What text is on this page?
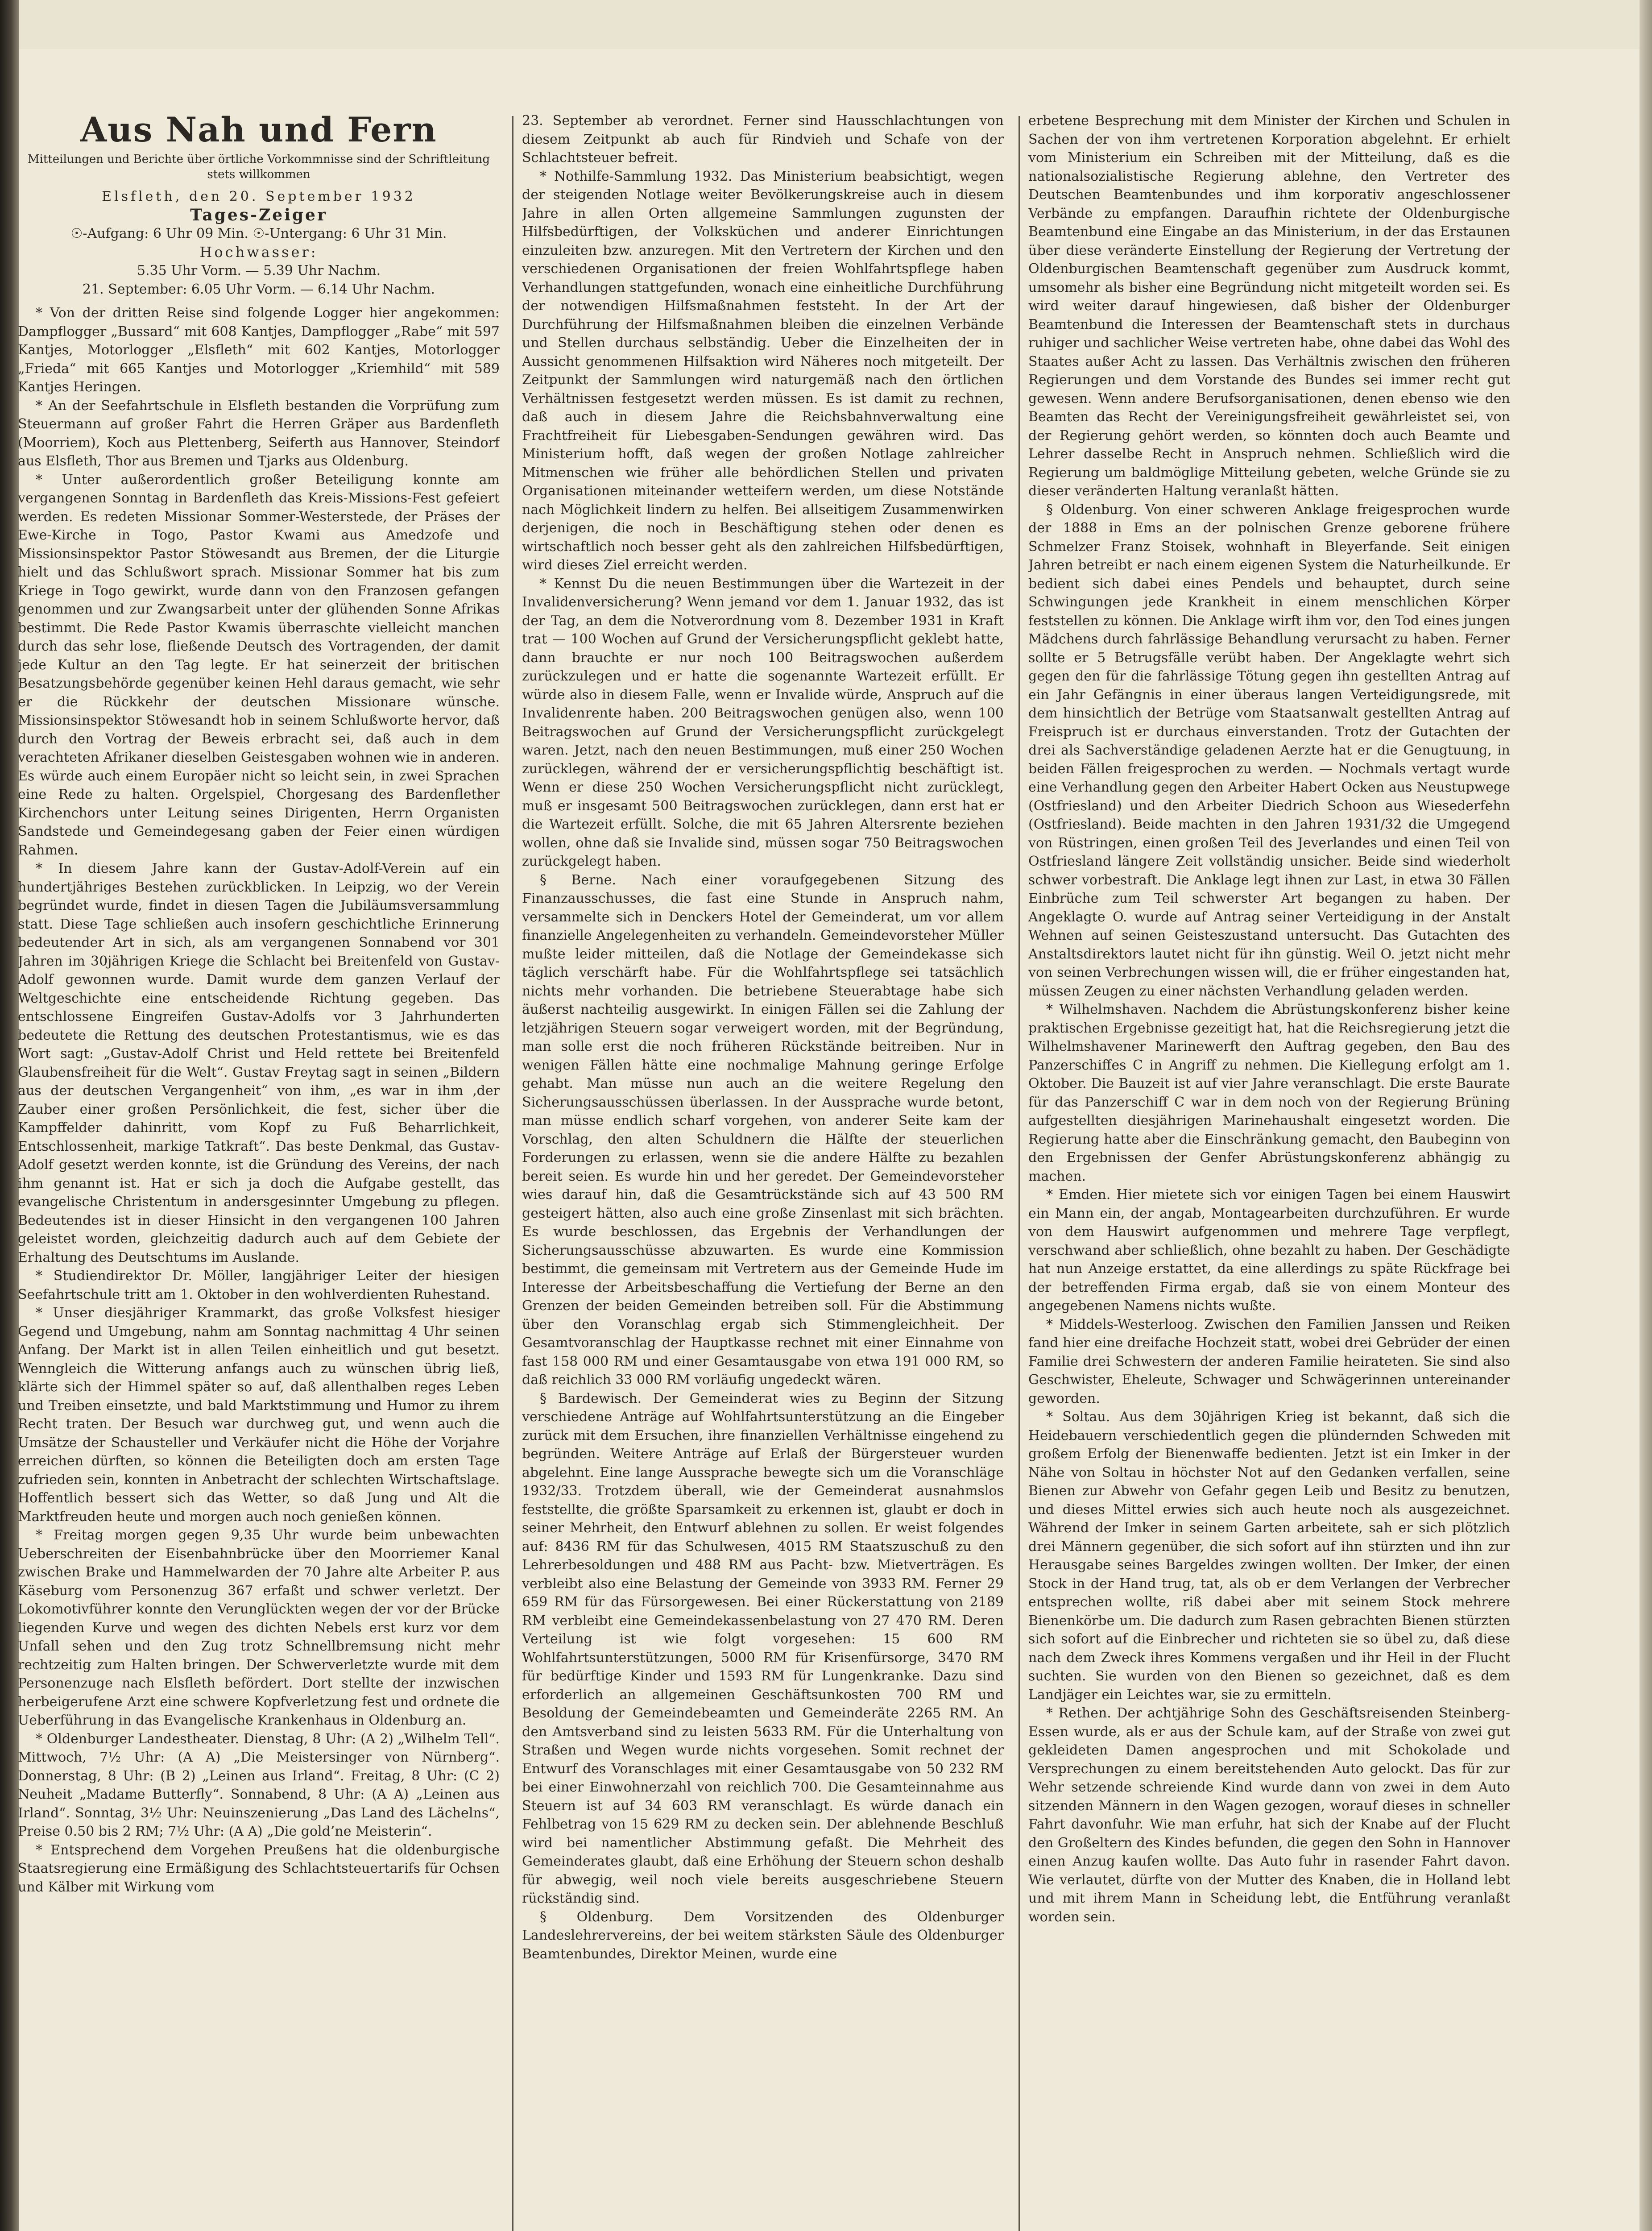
Aus Nah und Fern
Mitteilungen und Berichte über örtliche Vorkommnisse sind der Schriftleitung stets willkommen

Elsfleth, den 20. September 1932

Tages-Zeiger

☉-Aufgang: 6 Uhr 09 Min. ☉-Untergang: 6 Uhr 31 Min.

Hochwasser:

5.35 Uhr Vorm. — 5.39 Uhr Nachm.

21. September: 6.05 Uhr Vorm. — 6.14 Uhr Nachm.

* Von der dritten Reise sind folgende Logger hier angekommen: Dampflogger „Bussard“ mit 608 Kantjes, Dampflogger „Rabe“ mit 597 Kantjes, Motorlogger „Elsfleth“ mit 602 Kantjes, Motorlogger „Frieda“ mit 665 Kantjes und Motorlogger „Kriemhild“ mit 589 Kantjes Heringen.

* An der Seefahrtschule in Elsfleth bestanden die Vorprüfung zum Steuermann auf großer Fahrt die Herren Gräper aus Bardenfleth (Moorriem), Koch aus Plettenberg, Seiferth aus Hannover, Steindorf aus Elsfleth, Thor aus Bremen und Tjarks aus Oldenburg.

* Unter außerordentlich großer Beteiligung konnte am vergangenen Sonntag in Bardenfleth das Kreis-Missions-Fest gefeiert werden. Es redeten Missionar Sommer-Westerstede, der Präses der Ewe-Kirche in Togo, Pastor Kwami aus Amedzofe und Missionsinspektor Pastor Stöwesandt aus Bremen, der die Liturgie hielt und das Schlußwort sprach. Missionar Sommer hat bis zum Kriege in Togo gewirkt, wurde dann von den Franzosen gefangen genommen und zur Zwangsarbeit unter der glühenden Sonne Afrikas bestimmt. Die Rede Pastor Kwamis überraschte vielleicht manchen durch das sehr lose, fließende Deutsch des Vortragenden, der damit jede Kultur an den Tag legte. Er hat seinerzeit der britischen Besatzungsbehörde gegenüber keinen Hehl daraus gemacht, wie sehr er die Rückkehr der deutschen Missionare wünsche. Missionsinspektor Stöwesandt hob in seinem Schlußworte hervor, daß durch den Vortrag der Beweis erbracht sei, daß auch in dem verachteten Afrikaner dieselben Geistesgaben wohnen wie in anderen. Es würde auch einem Europäer nicht so leicht sein, in zwei Sprachen eine Rede zu halten. Orgelspiel, Chorgesang des Bardenflether Kirchenchors unter Leitung seines Dirigenten, Herrn Organisten Sandstede und Gemeindegesang gaben der Feier einen würdigen Rahmen.

* In diesem Jahre kann der Gustav-Adolf-Verein auf ein hundertjähriges Bestehen zurückblicken. In Leipzig, wo der Verein begründet wurde, findet in diesen Tagen die Jubiläumsversammlung statt. Diese Tage schließen auch insofern geschichtliche Erinnerung bedeutender Art in sich, als am vergangenen Sonnabend vor 301 Jahren im 30jährigen Kriege die Schlacht bei Breitenfeld von Gustav-Adolf gewonnen wurde. Damit wurde dem ganzen Verlauf der Weltgeschichte eine entscheidende Richtung gegeben. Das entschlossene Eingreifen Gustav-Adolfs vor 3 Jahrhunderten bedeutete die Rettung des deutschen Protestantismus, wie es das Wort sagt: „Gustav-Adolf Christ und Held rettete bei Breitenfeld Glaubensfreiheit für die Welt“. Gustav Freytag sagt in seinen „Bildern aus der deutschen Vergangenheit“ von ihm, „es war in ihm ‚der Zauber einer großen Persönlichkeit, die fest, sicher über die Kampffelder dahinritt, vom Kopf zu Fuß Beharrlichkeit, Entschlossenheit, markige Tatkraft“. Das beste Denkmal, das Gustav-Adolf gesetzt werden konnte, ist die Gründung des Vereins, der nach ihm genannt ist. Hat er sich ja doch die Aufgabe gestellt, das evangelische Christentum in andersgesinnter Umgebung zu pflegen. Bedeutendes ist in dieser Hinsicht in den vergangenen 100 Jahren geleistet worden, gleichzeitig dadurch auch auf dem Gebiete der Erhaltung des Deutschtums im Auslande.

* Studiendirektor Dr. Möller, langjähriger Leiter der hiesigen Seefahrtschule tritt am 1. Oktober in den wohlverdienten Ruhestand.

* Unser diesjähriger Krammarkt, das große Volksfest hiesiger Gegend und Umgebung, nahm am Sonntag nachmittag 4 Uhr seinen Anfang. Der Markt ist in allen Teilen einheitlich und gut besetzt. Wenngleich die Witterung anfangs auch zu wünschen übrig ließ, klärte sich der Himmel später so auf, daß allenthalben reges Leben und Treiben einsetzte, und bald Marktstimmung und Humor zu ihrem Recht traten. Der Besuch war durchweg gut, und wenn auch die Umsätze der Schausteller und Verkäufer nicht die Höhe der Vorjahre erreichen dürften, so können die Beteiligten doch am ersten Tage zufrieden sein, konnten in Anbetracht der schlechten Wirtschaftslage. Hoffentlich bessert sich das Wetter, so daß Jung und Alt die Marktfreuden heute und morgen auch noch genießen können.

* Freitag morgen gegen 9,35 Uhr wurde beim unbewachten Ueberschreiten der Eisenbahnbrücke über den Moorriemer Kanal zwischen Brake und Hammelwarden der 70 Jahre alte Arbeiter P. aus Käseburg vom Personenzug 367 erfaßt und schwer verletzt. Der Lokomotivführer konnte den Verunglückten wegen der vor der Brücke liegenden Kurve und wegen des dichten Nebels erst kurz vor dem Unfall sehen und den Zug trotz Schnellbremsung nicht mehr rechtzeitig zum Halten bringen. Der Schwerverletzte wurde mit dem Personenzuge nach Elsfleth befördert. Dort stellte der inzwischen herbeigerufene Arzt eine schwere Kopfverletzung fest und ordnete die Ueberführung in das Evangelische Krankenhaus in Oldenburg an.

* Oldenburger Landestheater. Dienstag, 8 Uhr: (A 2) „Wilhelm Tell“. Mittwoch, 7½ Uhr: (A A) „Die Meistersinger von Nürnberg“. Donnerstag, 8 Uhr: (B 2) „Leinen aus Irland“. Freitag, 8 Uhr: (C 2) Neuheit „Madame Butterfly“. Sonnabend, 8 Uhr: (A A) „Leinen aus Irland“. Sonntag, 3½ Uhr: Neuinszenierung „Das Land des Lächelns“, Preise 0.50 bis 2 RM; 7½ Uhr: (A A) „Die gold’ne Meisterin“.

* Entsprechend dem Vorgehen Preußens hat die oldenburgische Staatsregierung eine Ermäßigung des Schlachtsteuertarifs für Ochsen und Kälber mit Wirkung vom

23. September ab verordnet. Ferner sind Hausschlachtungen von diesem Zeitpunkt ab auch für Rindvieh und Schafe von der Schlachtsteuer befreit.

* Nothilfe-Sammlung 1932. Das Ministerium beabsichtigt, wegen der steigenden Notlage weiter Bevölkerungskreise auch in diesem Jahre in allen Orten allgemeine Sammlungen zugunsten der Hilfsbedürftigen, der Volksküchen und anderer Einrichtungen einzuleiten bzw. anzuregen. Mit den Vertretern der Kirchen und den verschiedenen Organisationen der freien Wohlfahrtspflege haben Verhandlungen stattgefunden, wonach eine einheitliche Durchführung der notwendigen Hilfsmaßnahmen feststeht. In der Art der Durchführung der Hilfsmaßnahmen bleiben die einzelnen Verbände und Stellen durchaus selbständig. Ueber die Einzelheiten der in Aussicht genommenen Hilfsaktion wird Näheres noch mitgeteilt. Der Zeitpunkt der Sammlungen wird naturgemäß nach den örtlichen Verhältnissen festgesetzt werden müssen. Es ist damit zu rechnen, daß auch in diesem Jahre die Reichsbahnverwaltung eine Frachtfreiheit für Liebesgaben-Sendungen gewähren wird. Das Ministerium hofft, daß wegen der großen Notlage zahlreicher Mitmenschen wie früher alle behördlichen Stellen und privaten Organisationen miteinander wetteifern werden, um diese Notstände nach Möglichkeit lindern zu helfen. Bei allseitigem Zusammenwirken derjenigen, die noch in Beschäftigung stehen oder denen es wirtschaftlich noch besser geht als den zahlreichen Hilfsbedürftigen, wird dieses Ziel erreicht werden.

* Kennst Du die neuen Bestimmungen über die Wartezeit in der Invalidenversicherung? Wenn jemand vor dem 1. Januar 1932, das ist der Tag, an dem die Notverordnung vom 8. Dezember 1931 in Kraft trat — 100 Wochen auf Grund der Versicherungspflicht geklebt hatte, dann brauchte er nur noch 100 Beitragswochen außerdem zurückzulegen und er hatte die sogenannte Wartezeit erfüllt. Er würde also in diesem Falle, wenn er Invalide würde, Anspruch auf die Invalidenrente haben. 200 Beitragswochen genügen also, wenn 100 Beitragswochen auf Grund der Versicherungspflicht zurückgelegt waren. Jetzt, nach den neuen Bestimmungen, muß einer 250 Wochen zurücklegen, während der er versicherungspflichtig beschäftigt ist. Wenn er diese 250 Wochen Versicherungspflicht nicht zurücklegt, muß er insgesamt 500 Beitragswochen zurücklegen, dann erst hat er die Wartezeit erfüllt. Solche, die mit 65 Jahren Altersrente beziehen wollen, ohne daß sie Invalide sind, müssen sogar 750 Beitragswochen zurückgelegt haben.

§ Berne. Nach einer voraufgegebenen Sitzung des Finanzausschusses, die fast eine Stunde in Anspruch nahm, versammelte sich in Denckers Hotel der Gemeinderat, um vor allem finanzielle Angelegenheiten zu verhandeln. Gemeindevorsteher Müller mußte leider mitteilen, daß die Notlage der Gemeindekasse sich täglich verschärft habe. Für die Wohlfahrtspflege sei tatsächlich nichts mehr vorhanden. Die betriebene Steuerabtage habe sich äußerst nachteilig ausgewirkt. In einigen Fällen sei die Zahlung der letzjährigen Steuern sogar verweigert worden, mit der Begründung, man solle erst die noch früheren Rückstände beitreiben. Nur in wenigen Fällen hätte eine nochmalige Mahnung geringe Erfolge gehabt. Man müsse nun auch an die weitere Regelung den Sicherungsausschüssen überlassen. In der Aussprache wurde betont, man müsse endlich scharf vorgehen, von anderer Seite kam der Vorschlag, den alten Schuldnern die Hälfte der steuerlichen Forderungen zu erlassen, wenn sie die andere Hälfte zu bezahlen bereit seien. Es wurde hin und her geredet. Der Gemeindevorsteher wies darauf hin, daß die Gesamtrückstände sich auf 43 500 RM gesteigert hätten, also auch eine große Zinsenlast mit sich brächten. Es wurde beschlossen, das Ergebnis der Verhandlungen der Sicherungsausschüsse abzuwarten. Es wurde eine Kommission bestimmt, die gemeinsam mit Vertretern aus der Gemeinde Hude im Interesse der Arbeitsbeschaffung die Vertiefung der Berne an den Grenzen der beiden Gemeinden betreiben soll. Für die Abstimmung über den Voranschlag ergab sich Stimmengleichheit. Der Gesamtvoranschlag der Hauptkasse rechnet mit einer Einnahme von fast 158 000 RM und einer Gesamtausgabe von etwa 191 000 RM, so daß reichlich 33 000 RM vorläufig ungedeckt wären.

§ Bardewisch. Der Gemeinderat wies zu Beginn der Sitzung verschiedene Anträge auf Wohlfahrtsunterstützung an die Eingeber zurück mit dem Ersuchen, ihre finanziellen Verhältnisse eingehend zu begründen. Weitere Anträge auf Erlaß der Bürgersteuer wurden abgelehnt. Eine lange Aussprache bewegte sich um die Voranschläge 1932/33. Trotzdem überall, wie der Gemeinderat ausnahmslos feststellte, die größte Sparsamkeit zu erkennen ist, glaubt er doch in seiner Mehrheit, den Entwurf ablehnen zu sollen. Er weist folgendes auf: 8436 RM für das Schulwesen, 4015 RM Staatszuschuß zu den Lehrerbesoldungen und 488 RM aus Pacht- bzw. Mietverträgen. Es verbleibt also eine Belastung der Gemeinde von 3933 RM. Ferner 29 659 RM für das Fürsorgewesen. Bei einer Rückerstattung von 2189 RM verbleibt eine Gemeindekassenbelastung von 27 470 RM. Deren Verteilung ist wie folgt vorgesehen: 15 600 RM Wohlfahrtsunterstützungen, 5000 RM für Krisenfürsorge, 3470 RM für bedürftige Kinder und 1593 RM für Lungenkranke. Dazu sind erforderlich an allgemeinen Geschäftsunkosten 700 RM und Besoldung der Gemeindebeamten und Gemeinderäte 2265 RM. An den Amtsverband sind zu leisten 5633 RM. Für die Unterhaltung von Straßen und Wegen wurde nichts vorgesehen. Somit rechnet der Entwurf des Voranschlages mit einer Gesamtausgabe von 50 232 RM bei einer Einwohnerzahl von reichlich 700. Die Gesamteinnahme aus Steuern ist auf 34 603 RM veranschlagt. Es würde danach ein Fehlbetrag von 15 629 RM zu decken sein. Der ablehnende Beschluß wird bei namentlicher Abstimmung gefaßt. Die Mehrheit des Gemeinderates glaubt, daß eine Erhöhung der Steuern schon deshalb für abwegig, weil noch viele bereits ausgeschriebene Steuern rückständig sind.

§ Oldenburg. Dem Vorsitzenden des Oldenburger Landeslehrervereins, der bei weitem stärksten Säule des Oldenburger Beamtenbundes, Direktor Meinen, wurde eine

erbetene Besprechung mit dem Minister der Kirchen und Schulen in Sachen der von ihm vertretenen Korporation abgelehnt. Er erhielt vom Ministerium ein Schreiben mit der Mitteilung, daß es die nationalsozialistische Regierung ablehne, den Vertreter des Deutschen Beamtenbundes und ihm korporativ angeschlossener Verbände zu empfangen. Daraufhin richtete der Oldenburgische Beamtenbund eine Eingabe an das Ministerium, in der das Erstaunen über diese veränderte Einstellung der Regierung der Vertretung der Oldenburgischen Beamtenschaft gegenüber zum Ausdruck kommt, umsomehr als bisher eine Begründung nicht mitgeteilt worden sei. Es wird weiter darauf hingewiesen, daß bisher der Oldenburger Beamtenbund die Interessen der Beamtenschaft stets in durchaus ruhiger und sachlicher Weise vertreten habe, ohne dabei das Wohl des Staates außer Acht zu lassen. Das Verhältnis zwischen den früheren Regierungen und dem Vorstande des Bundes sei immer recht gut gewesen. Wenn andere Berufsorganisationen, denen ebenso wie den Beamten das Recht der Vereinigungsfreiheit gewährleistet sei, von der Regierung gehört werden, so könnten doch auch Beamte und Lehrer dasselbe Recht in Anspruch nehmen. Schließlich wird die Regierung um baldmöglige Mitteilung gebeten, welche Gründe sie zu dieser veränderten Haltung veranlaßt hätten.

§ Oldenburg. Von einer schweren Anklage freigesprochen wurde der 1888 in Ems an der polnischen Grenze geborene frühere Schmelzer Franz Stoisek, wohnhaft in Bleyerfande. Seit einigen Jahren betreibt er nach einem eigenen System die Naturheilkunde. Er bedient sich dabei eines Pendels und behauptet, durch seine Schwingungen jede Krankheit in einem menschlichen Körper feststellen zu können. Die Anklage wirft ihm vor, den Tod eines jungen Mädchens durch fahrlässige Behandlung verursacht zu haben. Ferner sollte er 5 Betrugsfälle verübt haben. Der Angeklagte wehrt sich gegen den für die fahrlässige Tötung gegen ihn gestellten Antrag auf ein Jahr Gefängnis in einer überaus langen Verteidigungsrede, mit dem hinsichtlich der Betrüge vom Staatsanwalt gestellten Antrag auf Freispruch ist er durchaus einverstanden. Trotz der Gutachten der drei als Sachverständige geladenen Aerzte hat er die Genugtuung, in beiden Fällen freigesprochen zu werden. — Nochmals vertagt wurde eine Verhandlung gegen den Arbeiter Habert Ocken aus Neustupwege (Ostfriesland) und den Arbeiter Diedrich Schoon aus Wiesederfehn (Ostfriesland). Beide machten in den Jahren 1931/32 die Umgegend von Rüstringen, einen großen Teil des Jeverlandes und einen Teil von Ostfriesland längere Zeit vollständig unsicher. Beide sind wiederholt schwer vorbestraft. Die Anklage legt ihnen zur Last, in etwa 30 Fällen Einbrüche zum Teil schwerster Art begangen zu haben. Der Angeklagte O. wurde auf Antrag seiner Verteidigung in der Anstalt Wehnen auf seinen Geisteszustand untersucht. Das Gutachten des Anstaltsdirektors lautet nicht für ihn günstig. Weil O. jetzt nicht mehr von seinen Verbrechungen wissen will, die er früher eingestanden hat, müssen Zeugen zu einer nächsten Verhandlung geladen werden.

* Wilhelmshaven. Nachdem die Abrüstungskonferenz bisher keine praktischen Ergebnisse gezeitigt hat, hat die Reichsregierung jetzt die Wilhelmshavener Marinewerft den Auftrag gegeben, den Bau des Panzerschiffes C in Angriff zu nehmen. Die Kiellegung erfolgt am 1. Oktober. Die Bauzeit ist auf vier Jahre veranschlagt. Die erste Baurate für das Panzerschiff C war in dem noch von der Regierung Brüning aufgestellten diesjährigen Marinehaushalt eingesetzt worden. Die Regierung hatte aber die Einschränkung gemacht, den Baubeginn von den Ergebnissen der Genfer Abrüstungskonferenz abhängig zu machen.

* Emden. Hier mietete sich vor einigen Tagen bei einem Hauswirt ein Mann ein, der angab, Montagearbeiten durchzuführen. Er wurde von dem Hauswirt aufgenommen und mehrere Tage verpflegt, verschwand aber schließlich, ohne bezahlt zu haben. Der Geschädigte hat nun Anzeige erstattet, da eine allerdings zu späte Rückfrage bei der betreffenden Firma ergab, daß sie von einem Monteur des angegebenen Namens nichts wußte.

* Middels-Westerloog. Zwischen den Familien Janssen und Reiken fand hier eine dreifache Hochzeit statt, wobei drei Gebrüder der einen Familie drei Schwestern der anderen Familie heirateten. Sie sind also Geschwister, Eheleute, Schwager und Schwägerinnen untereinander geworden.

* Soltau. Aus dem 30jährigen Krieg ist bekannt, daß sich die Heidebauern verschiedentlich gegen die plündernden Schweden mit großem Erfolg der Bienenwaffe bedienten. Jetzt ist ein Imker in der Nähe von Soltau in höchster Not auf den Gedanken verfallen, seine Bienen zur Abwehr von Gefahr gegen Leib und Besitz zu benutzen, und dieses Mittel erwies sich auch heute noch als ausgezeichnet. Während der Imker in seinem Garten arbeitete, sah er sich plötzlich drei Männern gegenüber, die sich sofort auf ihn stürzten und ihn zur Herausgabe seines Bargeldes zwingen wollten. Der Imker, der einen Stock in der Hand trug, tat, als ob er dem Verlangen der Verbrecher entsprechen wollte, riß dabei aber mit seinem Stock mehrere Bienenkörbe um. Die dadurch zum Rasen gebrachten Bienen stürzten sich sofort auf die Einbrecher und richteten sie so übel zu, daß diese nach dem Zweck ihres Kommens vergaßen und ihr Heil in der Flucht suchten. Sie wurden von den Bienen so gezeichnet, daß es dem Landjäger ein Leichtes war, sie zu ermitteln.

* Rethen. Der achtjährige Sohn des Geschäftsreisenden Steinberg-Essen wurde, als er aus der Schule kam, auf der Straße von zwei gut gekleideten Damen angesprochen und mit Schokolade und Versprechungen zu einem bereitstehenden Auto gelockt. Das für zur Wehr setzende schreiende Kind wurde dann von zwei in dem Auto sitzenden Männern in den Wagen gezogen, worauf dieses in schneller Fahrt davonfuhr. Wie man erfuhr, hat sich der Knabe auf der Flucht den Großeltern des Kindes befunden, die gegen den Sohn in Hannover einen Anzug kaufen wollte. Das Auto fuhr in rasender Fahrt davon. Wie verlautet, dürfte von der Mutter des Knaben, die in Holland lebt und mit ihrem Mann in Scheidung lebt, die Entführung veranlaßt worden sein.
